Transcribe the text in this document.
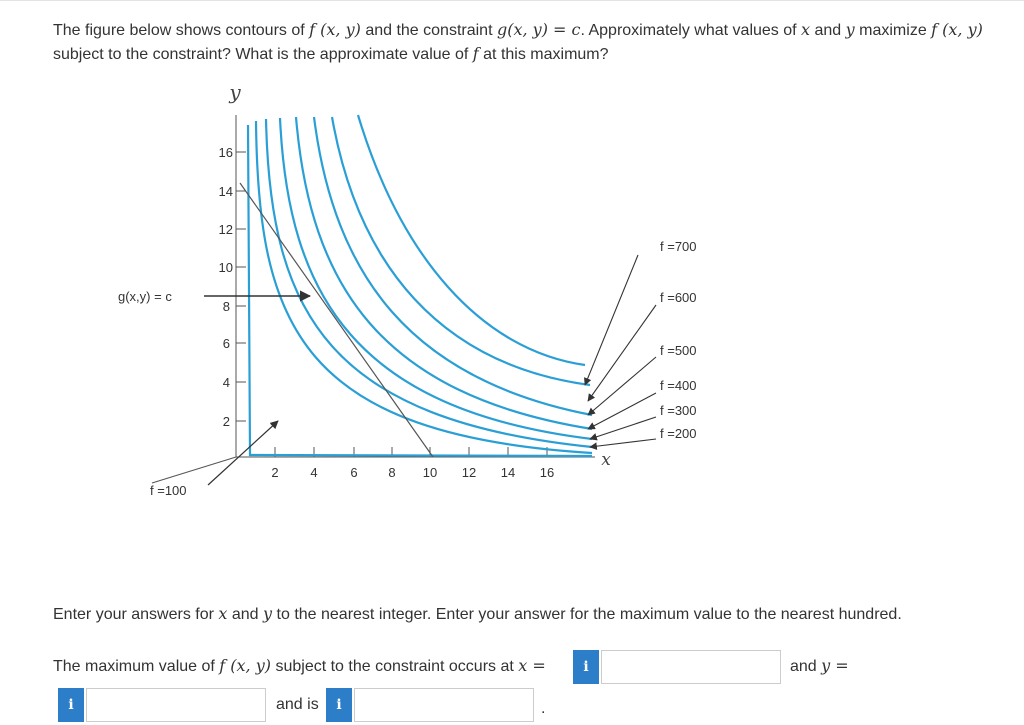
The figure below shows contours of f (x, y) and the constraint g(x, y) = c. Approximately what values of x and y maximize f (x, y) subject to the constraint? What is the approximate value of f at this maximum?
16
14
12
10
8
6
4
2
2 4	6 8 10 12 14 16
y
x
g(x,y) = c
f =100
f =700
f =600
f =500
f =400
f =300
f =200
Enter your answers for x and y to the nearest integer. Enter your answer for the maximum value to the nearest hundred.
The maximum value of f (x, y) subject to the constraint occurs at x =	i	and y =
i	and is i	.
